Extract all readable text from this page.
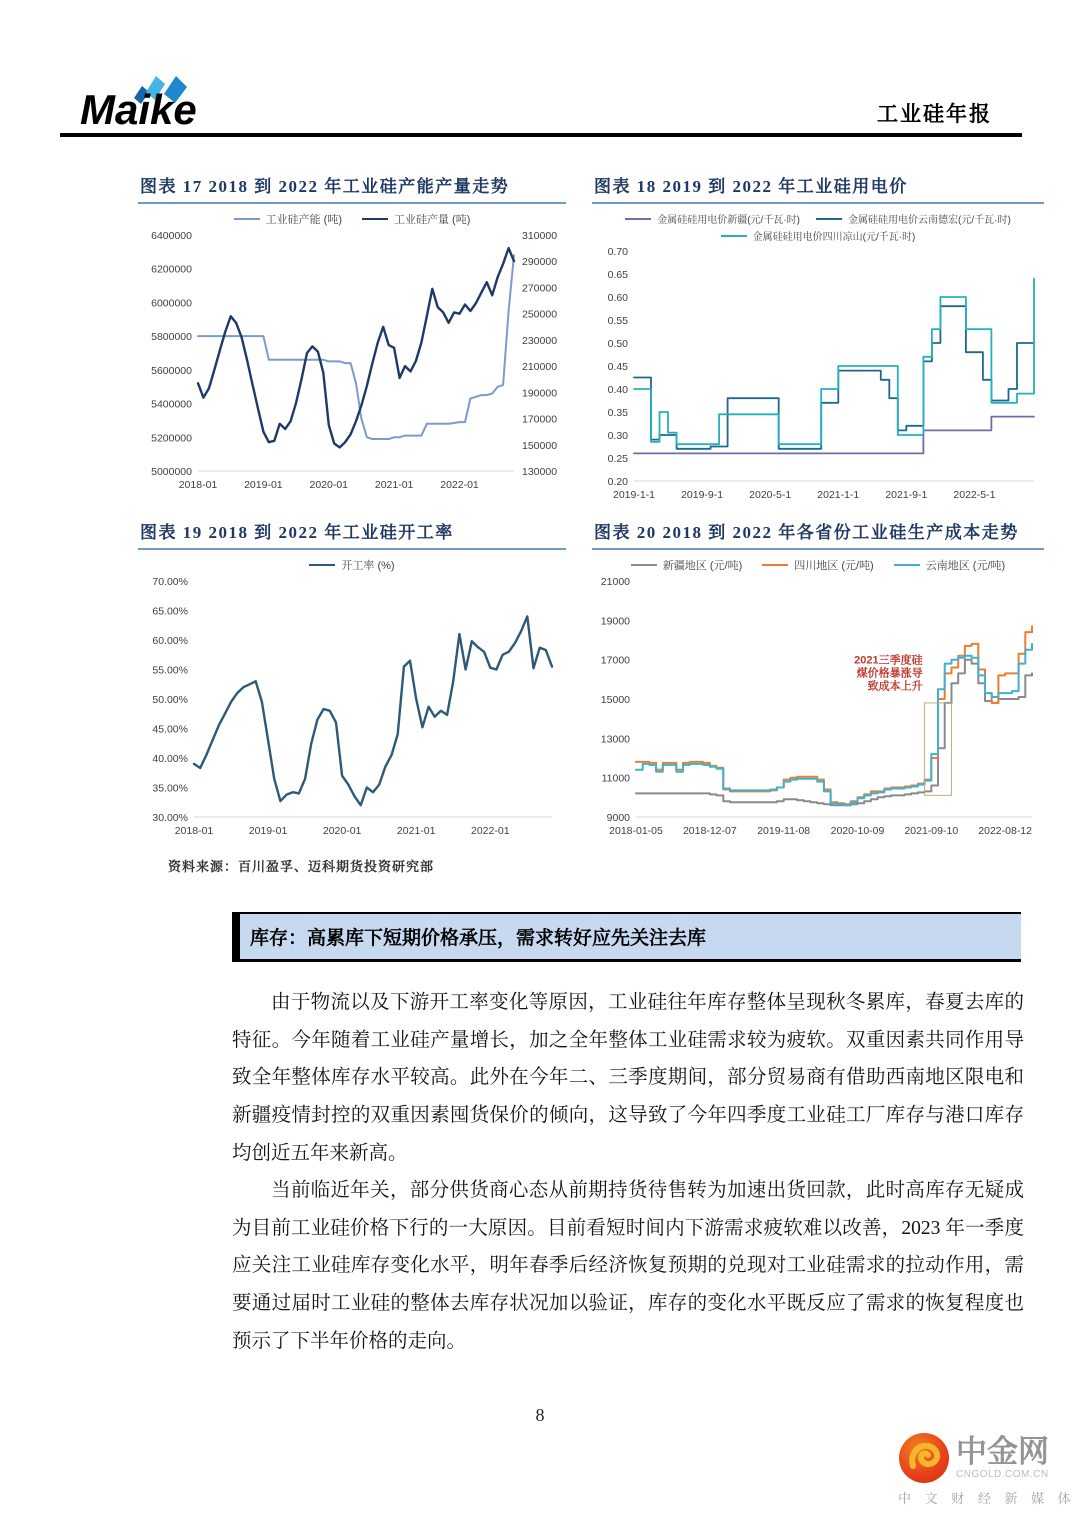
Maike	工业硅年报
图表 17 2018 到 2022 年工业硅产能产量走势
工业硅产能 (吨)	工业硅产量 (吨)
5000000
5200000
5400000
5600000
5800000
6000000
6200000
6400000
130000
150000
170000
190000
210000
230000
250000
270000
290000
310000
2018-01	2019-01	2020-01	2021-01	2022-01
图表 18 2019 到 2022 年工业硅用电价
金属硅硅用电价新疆(元/千瓦·时)	金属硅硅用电价云南德宏(元/千瓦·时)
金属硅硅用电价四川凉山(元/千瓦·时)
0.20
0.25
0.30
0.35
0.40
0.45
0.50
0.55
0.60
0.65
0.70
2019-1-1 2019-9-1 2020-5-1 2021-1-1 2021-9-1 2022-5-1
图表 19 2018 到 2022 年工业硅开工率
开工率 (%)
30.00%
35.00%
40.00%
45.00%
50.00%
55.00%
60.00%
65.00%
70.00%
2018-01	2019-01	2020-01	2021-01	2022-01
图表 20 2018 到 2022 年各省份工业硅生产成本走势
新疆地区 (元/吨)	四川地区 (元/吨)	云南地区 (元/吨)
9000
11000
13000
15000
17000
19000
21000
2018-01-05 2018-12-07 2019-11-08 2020-10-09 2021-09-10 2022-08-12
2021三季度硅
煤价格暴涨导
致成本上升
资料来源：百川盈孚、迈科期货投资研究部
库存：高累库下短期价格承压，需求转好应先关注去库

由于物流以及下游开工率变化等原因，工业硅往年库存整体呈现秋冬累库，春夏去库的特征。今年随着工业硅产量增长，加之全年整体工业硅需求较为疲软。双重因素共同作用导致全年整体库存水平较高。此外在今年二、三季度期间，部分贸易商有借助西南地区限电和新疆疫情封控的双重因素囤货保价的倾向，这导致了今年四季度工业硅工厂库存与港口库存均创近五年来新高。

当前临近年关，部分供货商心态从前期持货待售转为加速出货回款，此时高库存无疑成为目前工业硅价格下行的一大原因。目前看短时间内下游需求疲软难以改善，2023 年一季度应关注工业硅库存变化水平，明年春季后经济恢复预期的兑现对工业硅需求的拉动作用，需要通过届时工业硅的整体去库存状况加以验证，库存的变化水平既反应了需求的恢复程度也预示了下半年价格的走向。

8
中金网
CNGOLD.COM.CN
中 文 财 经 新 媒 体
